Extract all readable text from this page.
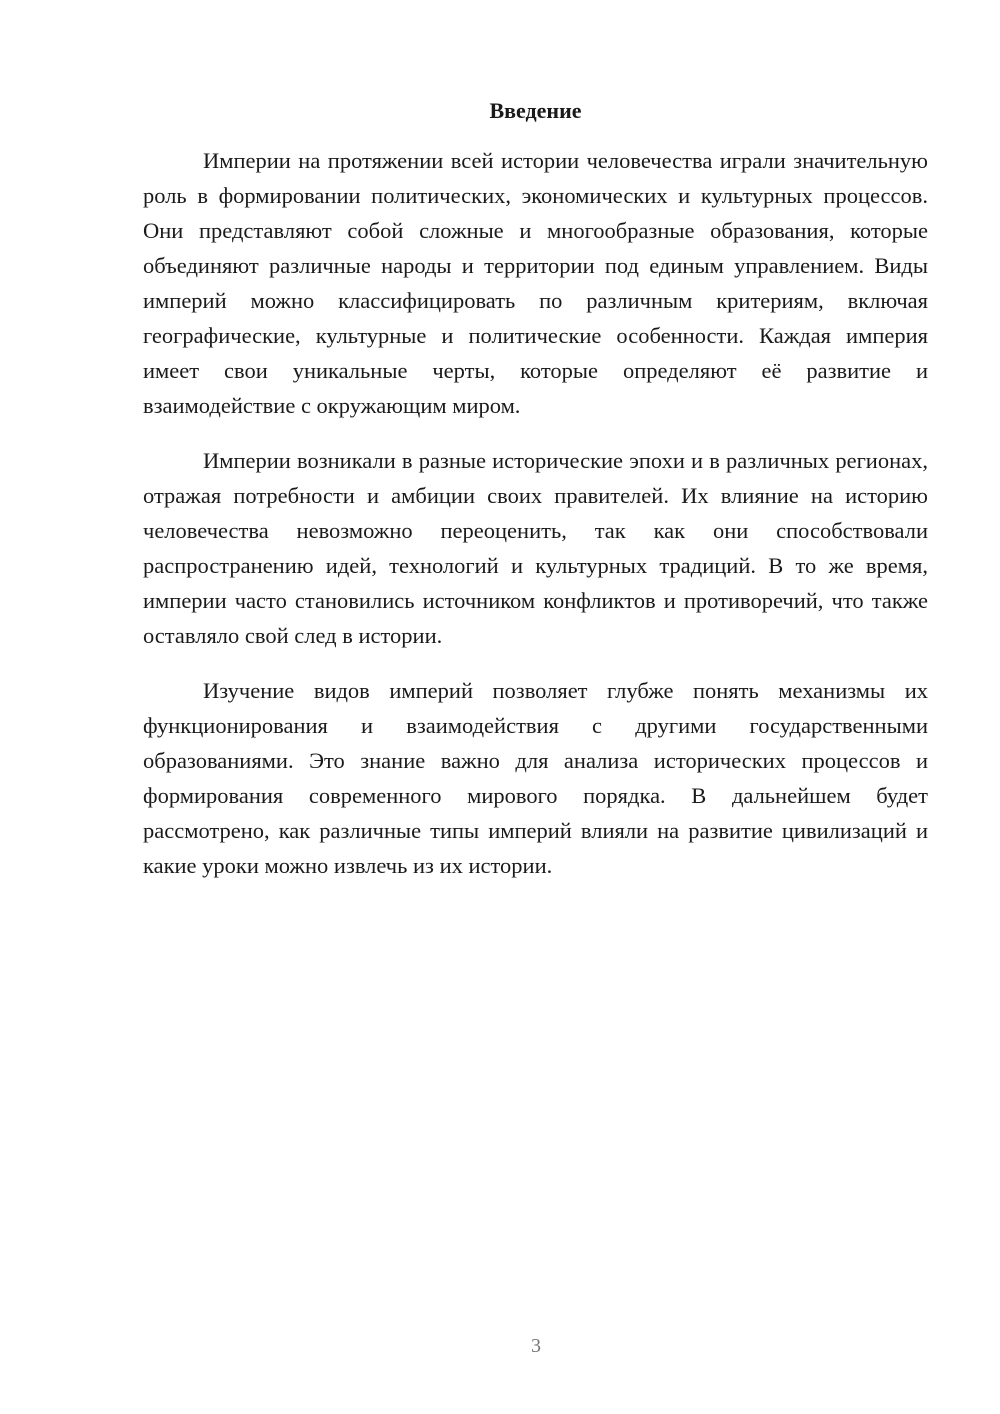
Введение

Империи на протяжении всей истории человечества играли значительную роль в формировании политических, экономических и культурных процессов. Они представляют собой сложные и многообразные образования, которые объединяют различные народы и территории под единым управлением. Виды империй можно классифицировать по различным критериям, включая географические, культурные и политические особенности. Каждая империя имеет свои уникальные черты, которые определяют её развитие и взаимодействие с окружающим миром.

Империи возникали в разные исторические эпохи и в различных регионах, отражая потребности и амбиции своих правителей. Их влияние на историю человечества невозможно переоценить, так как они способствовали распространению идей, технологий и культурных традиций. В то же время, империи часто становились источником конфликтов и противоречий, что также оставляло свой след в истории.

Изучение видов империй позволяет глубже понять механизмы их функционирования и взаимодействия с другими государственными образованиями. Это знание важно для анализа исторических процессов и формирования современного мирового порядка. В дальнейшем будет рассмотрено, как различные типы империй влияли на развитие цивилизаций и какие уроки можно извлечь из их истории.

3
